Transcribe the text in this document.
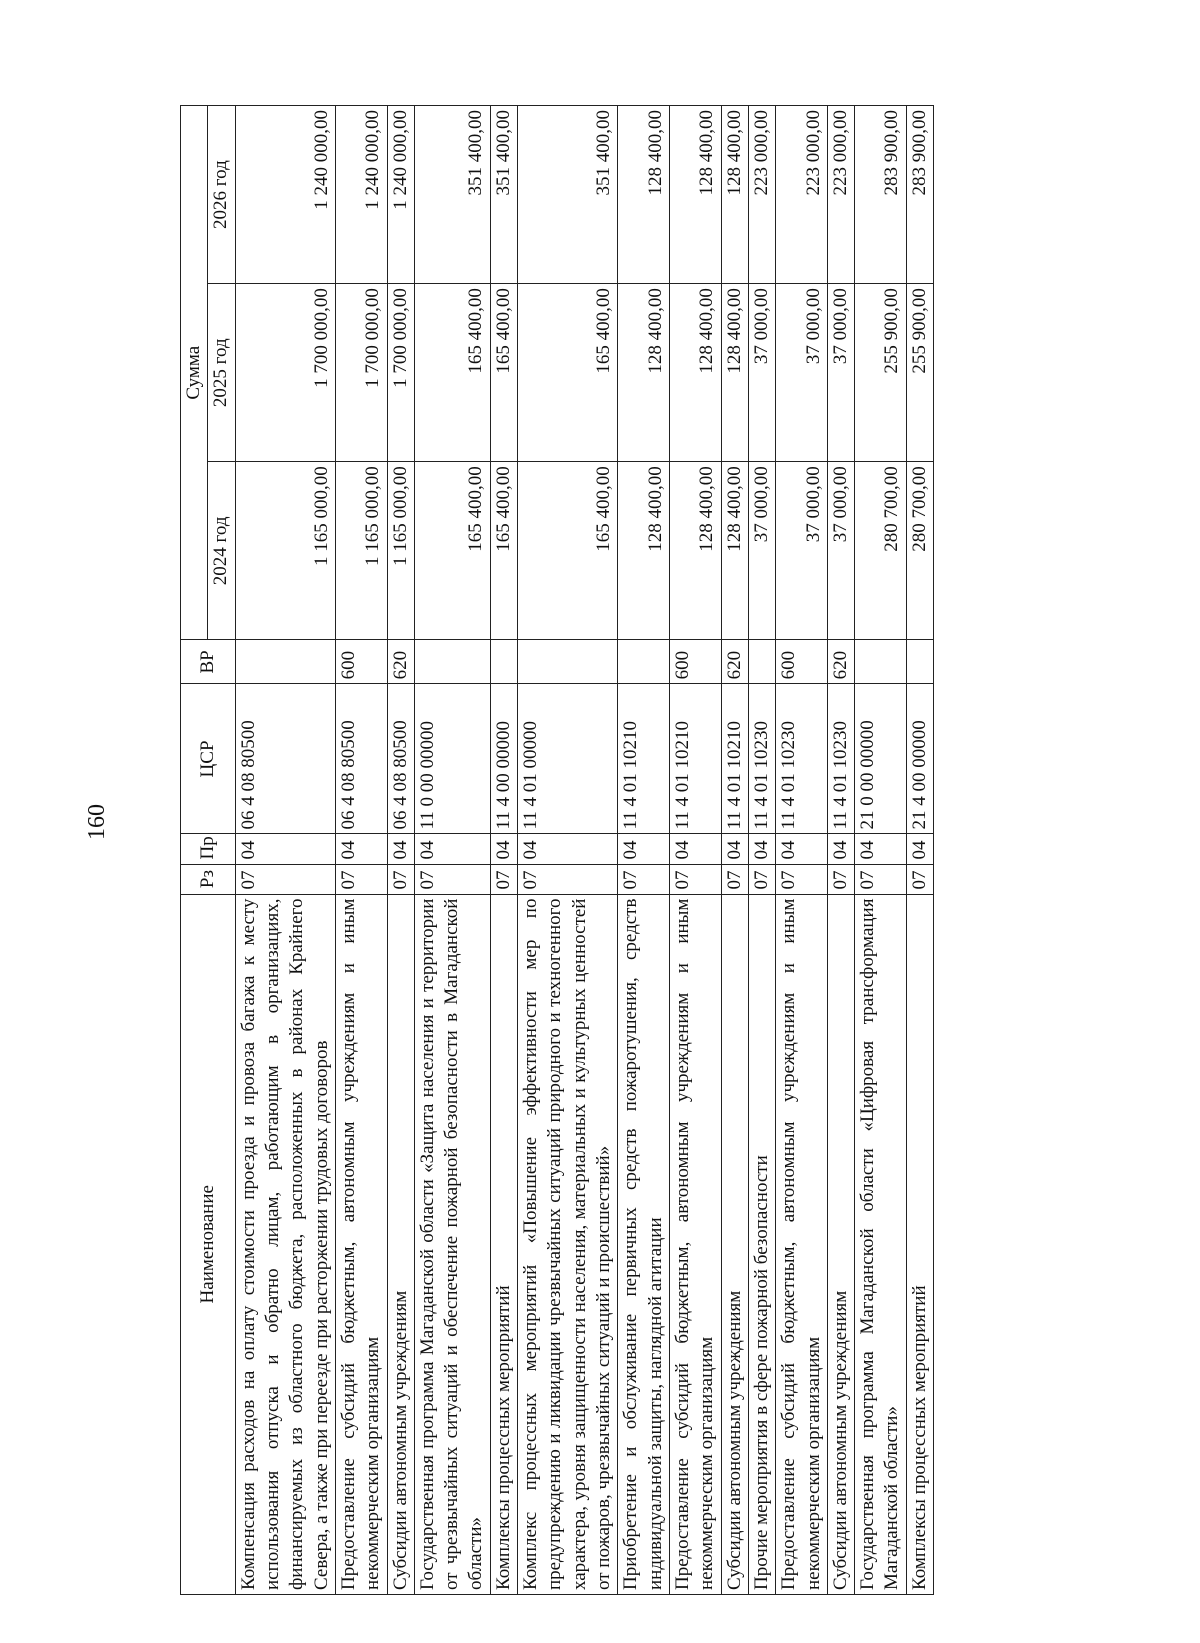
160
Наименование	Рз	Пр	ЦСР	ВР	Сумма		
					2024 год	2025 год	2026 год
Компенсация расходов на оплату стоимости проезда и провоза багажа к месту использования отпуска и обратно лицам, работающим в организациях, финансируемых из областного бюджета, расположенных в районах Крайнего Севера, а также при переезде при расторжении трудовых договоров	07	04	06 4 08 80500		1 165 000,00	1 700 000,00	1 240 000,00
Предоставление субсидий бюджетным, автономным учреждениям и иным некоммерческим организациям	07	04	06 4 08 80500	600	1 165 000,00	1 700 000,00	1 240 000,00
Субсидии автономным учреждениям	07	04	06 4 08 80500	620	1 165 000,00	1 700 000,00	1 240 000,00
Государственная программа Магаданской области «Защита населения и территории от чрезвычайных ситуаций и обеспечение пожарной безопасности в Магаданской области»	07	04	11 0 00 00000		165 400,00	165 400,00	351 400,00
Комплексы процессных мероприятий	07	04	11 4 00 00000		165 400,00	165 400,00	351 400,00
Комплекс процессных мероприятий «Повышение эффективности мер по предупреждению и ликвидации чрезвычайных ситуаций природного и техногенного характера, уровня защищенности населения, материальных и культурных ценностей от пожаров, чрезвычайных ситуаций и происшествий»	07	04	11 4 01 00000		165 400,00	165 400,00	351 400,00
Приобретение и обслуживание первичных средств пожаротушения, средств индивидуальной защиты, наглядной агитации	07	04	11 4 01 10210		128 400,00	128 400,00	128 400,00
Предоставление субсидий бюджетным, автономным учреждениям и иным некоммерческим организациям	07	04	11 4 01 10210	600	128 400,00	128 400,00	128 400,00
Субсидии автономным учреждениям	07	04	11 4 01 10210	620	128 400,00	128 400,00	128 400,00
Прочие мероприятия в сфере пожарной безопасности	07	04	11 4 01 10230		37 000,00	37 000,00	223 000,00
Предоставление субсидий бюджетным, автономным учреждениям и иным некоммерческим организациям	07	04	11 4 01 10230	600	37 000,00	37 000,00	223 000,00
Субсидии автономным учреждениям	07	04	11 4 01 10230	620	37 000,00	37 000,00	223 000,00
Государственная программа Магаданской области «Цифровая трансформация Магаданской области»	07	04	21 0 00 00000		280 700,00	255 900,00	283 900,00
Комплексы процессных мероприятий	07	04	21 4 00 00000		280 700,00	255 900,00	283 900,00
